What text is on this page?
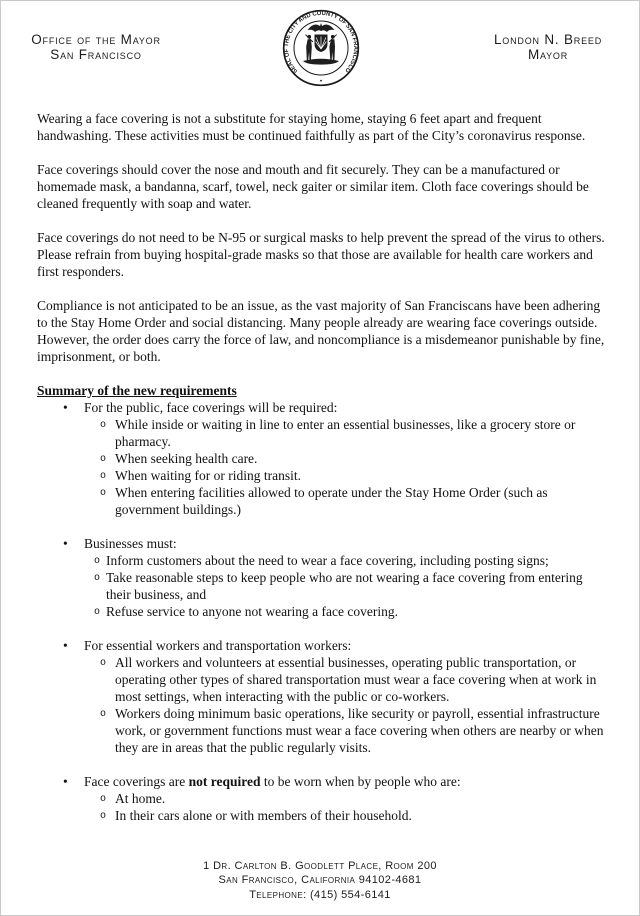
Office of the Mayor
San Francisco
SEAL OF THE CITY AND COUNTY OF SAN FRANCISCO
London N. Breed
Mayor

Wearing a face covering is not a substitute for staying home, staying 6 feet apart and frequent handwashing. These activities must be continued faithfully as part of the City’s coronavirus response.

Face coverings should cover the nose and mouth and fit securely. They can be a manufactured or homemade mask, a bandanna, scarf, towel, neck gaiter or similar item. Cloth face coverings should be cleaned frequently with soap and water.

Face coverings do not need to be N-95 or surgical masks to help prevent the spread of the virus to others. Please refrain from buying hospital-grade masks so that those are available for health care workers and first responders.

Compliance is not anticipated to be an issue, as the vast majority of San Franciscans have been adhering to the Stay Home Order and social distancing. Many people already are wearing face coverings outside. However, the order does carry the force of law, and noncompliance is a misdemeanor punishable by fine, imprisonment, or both.

Summary of the new requirements
• For the public, face coverings will be required:
o While inside or waiting in line to enter an essential businesses, like a grocery store or pharmacy.
o When seeking health care.
o When waiting for or riding transit.
o When entering facilities allowed to operate under the Stay Home Order (such as government buildings.)
• Businesses must:
o Inform customers about the need to wear a face covering, including posting signs;
o Take reasonable steps to keep people who are not wearing a face covering from entering their business, and
o Refuse service to anyone not wearing a face covering.
• For essential workers and transportation workers:
o All workers and volunteers at essential businesses, operating public transportation, or operating other types of shared transportation must wear a face covering when at work in most settings, when interacting with the public or co-workers.
o Workers doing minimum basic operations, like security or payroll, essential infrastructure work, or government functions must wear a face covering when others are nearby or when they are in areas that the public regularly visits.
• Face coverings are not required to be worn when by people who are:
o At home.
o In their cars alone or with members of their household.
1 Dr. Carlton B. Goodlett Place, Room 200
San Francisco, California 94102-4681
Telephone: (415) 554-6141
